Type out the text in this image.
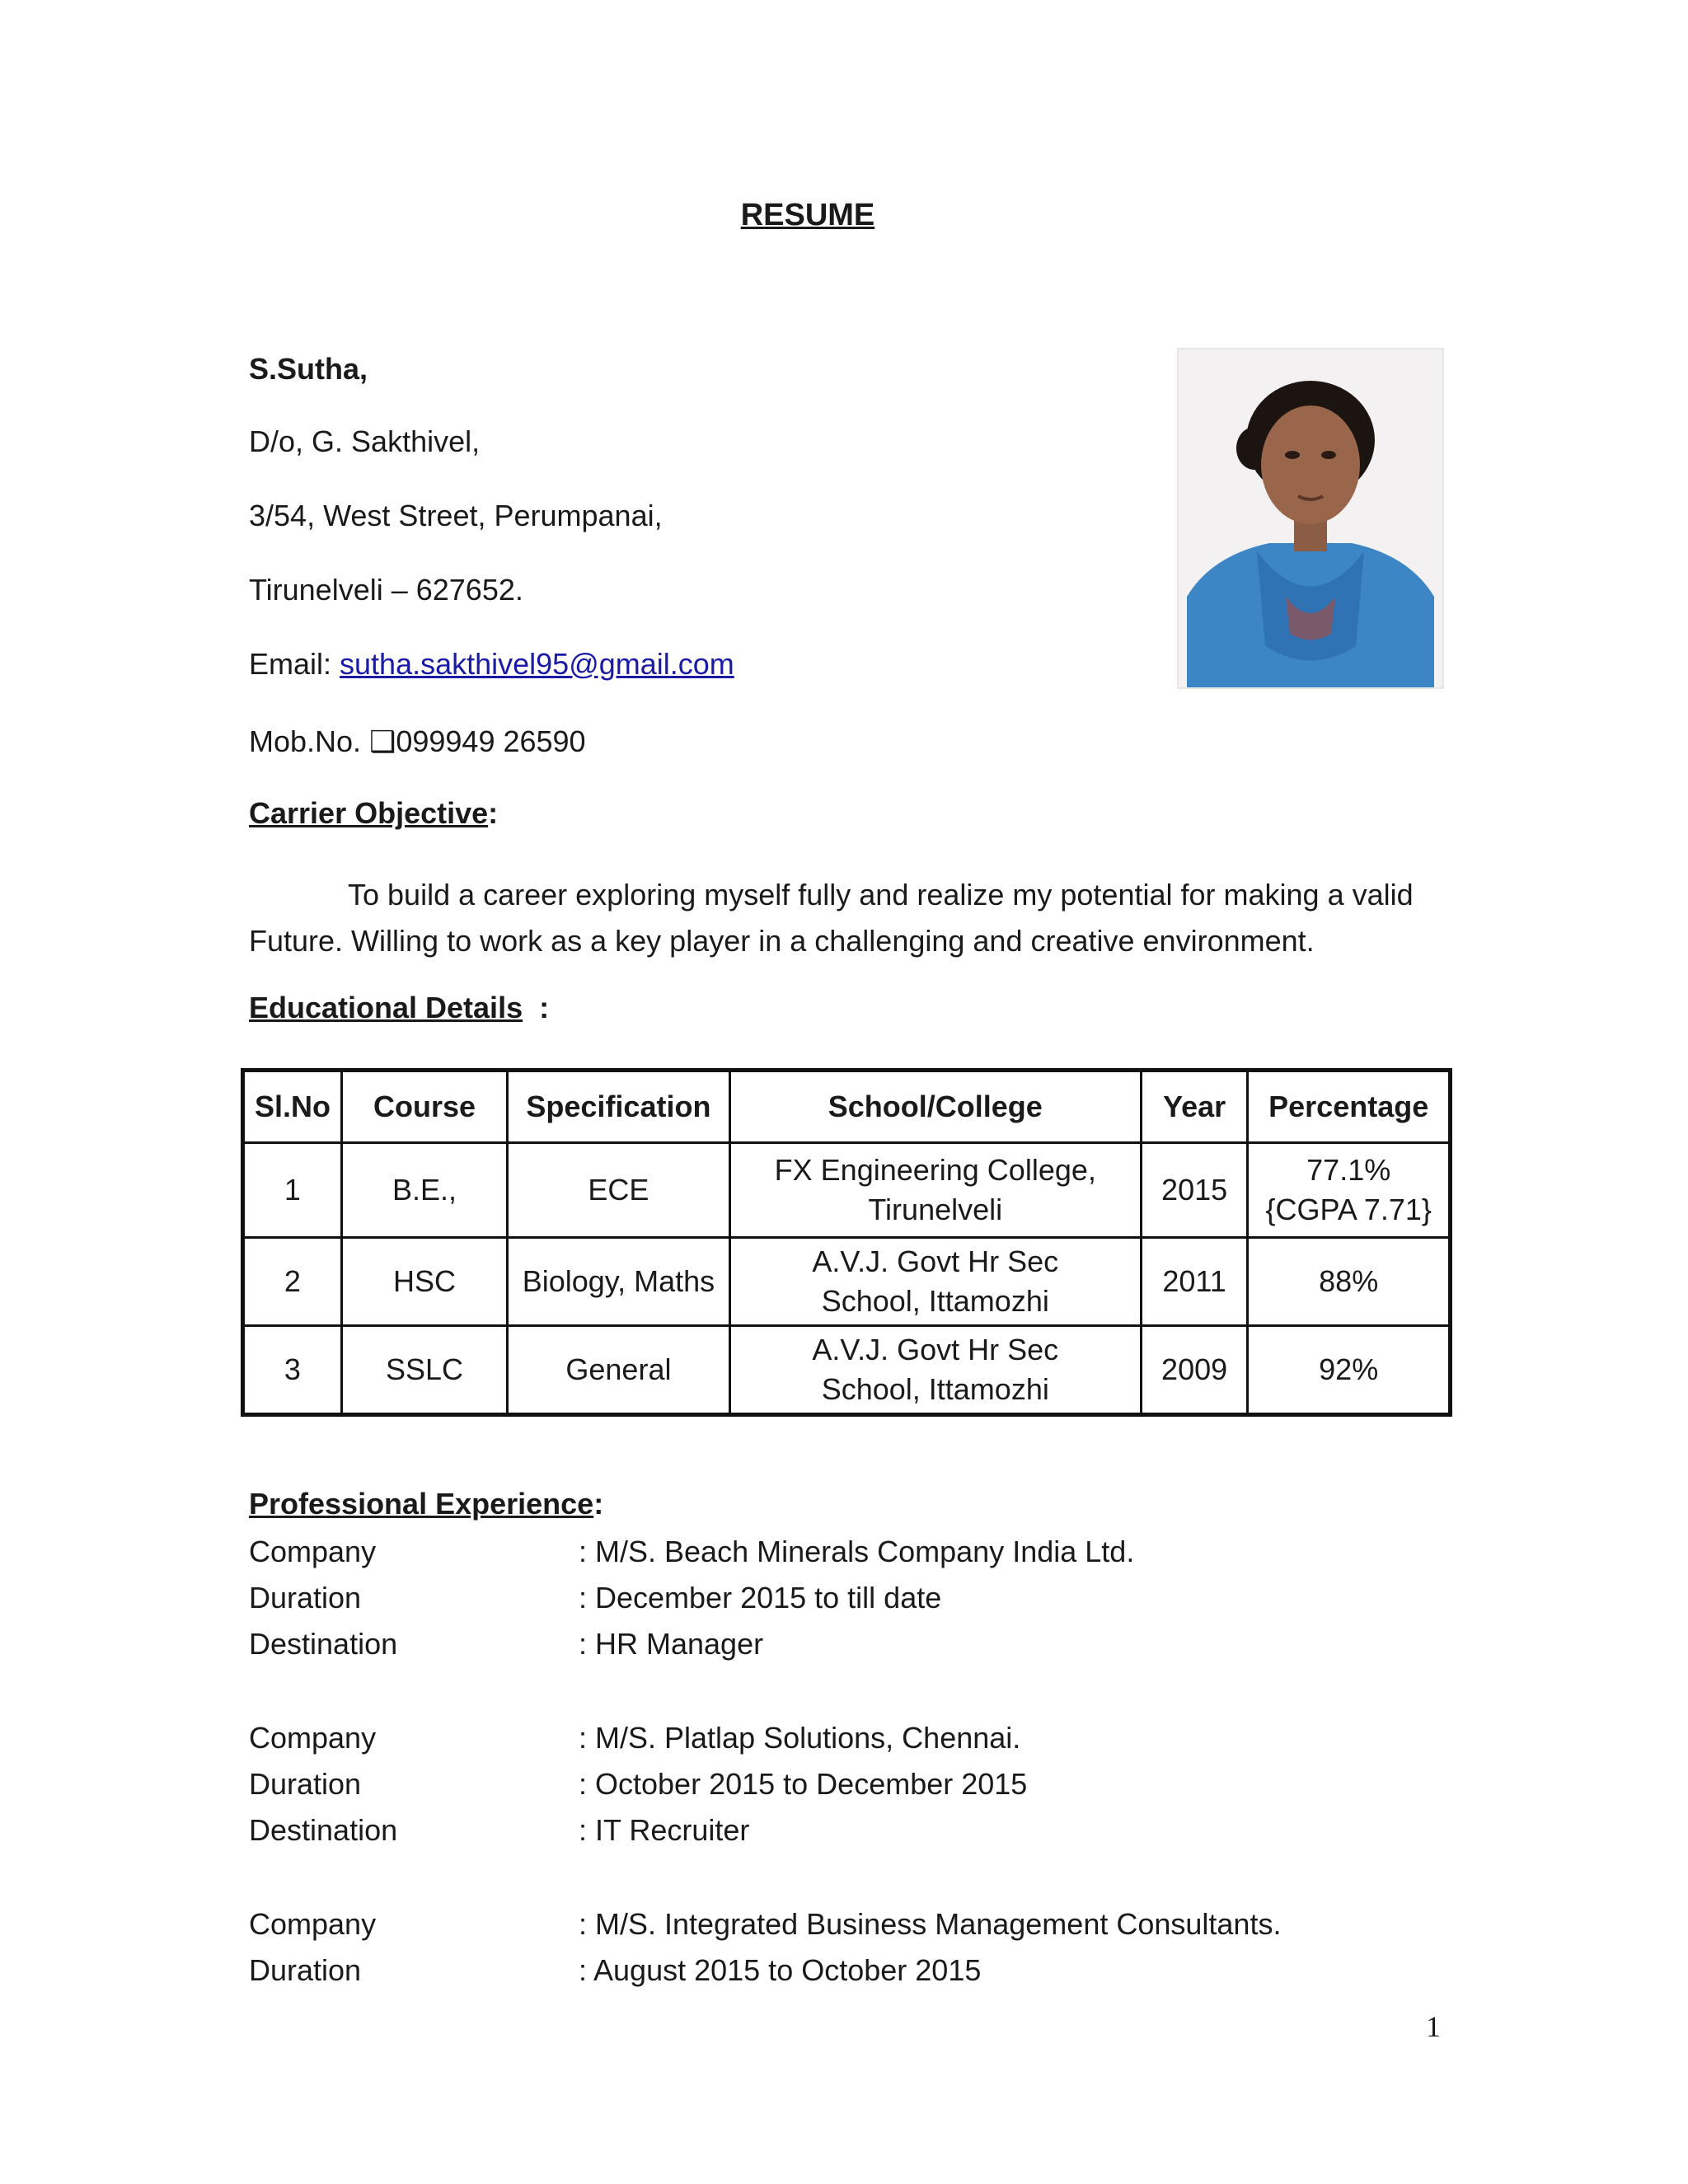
RESUME
S.Sutha,
D/o, G. Sakthivel,
3/54, West Street, Perumpanai,
Tirunelveli – 627652.
Email: sutha.sakthivel95@gmail.com
Mob.No. ❑099949 26590
Carrier Objective:
To build a career exploring myself fully and realize my potential for making a valid Future. Willing to work as a key player in a challenging and creative environment.
Educational Details  :
Sl.No	Course	Specification	School/College	Year	Percentage
1	B.E.,	ECE	FX Engineering College, Tirunelveli	2015	77.1% {CGPA 7.71}
2	HSC	Biology, Maths	A.V.J. Govt Hr Sec School, Ittamozhi	2011	88%
3	SSLC	General	A.V.J. Govt Hr Sec School, Ittamozhi	2009	92%
Professional Experience:
Company	: M/S. Beach Minerals Company India Ltd.
Duration	: December 2015 to till date
Destination	: HR Manager
Company	: M/S. Platlap Solutions, Chennai.
Duration	: October 2015 to December 2015
Destination	: IT Recruiter
Company	: M/S. Integrated Business Management Consultants.
Duration	: August 2015 to October 2015
1
